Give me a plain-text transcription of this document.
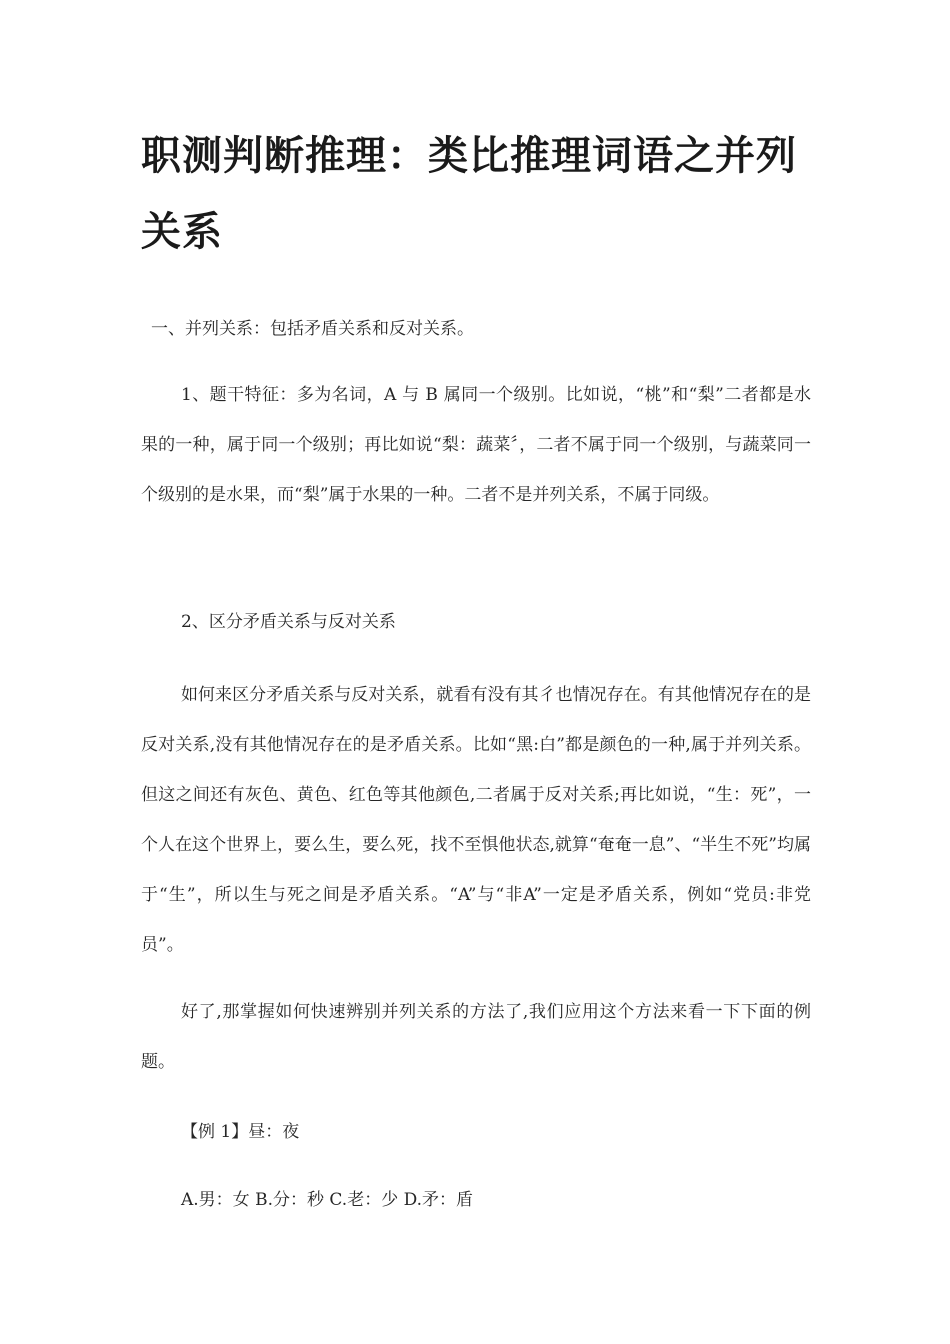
职测判断推理：类比推理词语之并列关系

一、并列关系：包括矛盾关系和反对关系。

1、题干特征：多为名词，A 与 B 属同一个级别。比如说，“桃”和“梨”二者都是水果的一种，属于同一个级别；再比如说“梨：蔬菜〞，二者不属于同一个级别，与蔬菜同一个级别的是水果，而“梨”属于水果的一种。二者不是并列关系，不属于同级。

2、区分矛盾关系与反对关系

如何来区分矛盾关系与反对关系，就看有没有其彳也情况存在。有其他情况存在的是反对关系,没有其他情况存在的是矛盾关系。比如“黑:白”都是颜色的一种,属于并列关系。但这之间还有灰色、黄色、红色等其他颜色,二者属于反对关系;再比如说，“生：死”，一个人在这个世界上，要么生，要么死，找不至惧他状态,就算“奄奄一息”、“半生不死”均属于“生”，所以生与死之间是矛盾关系。“A”与“非A”一定是矛盾关系，例如“党员:非党员”。

好了,那掌握如何快速辨别并列关系的方法了,我们应用这个方法来看一下下面的例题。

【例 1】昼：夜

A.男：女 B.分：秒 C.老：少 D.矛：盾
